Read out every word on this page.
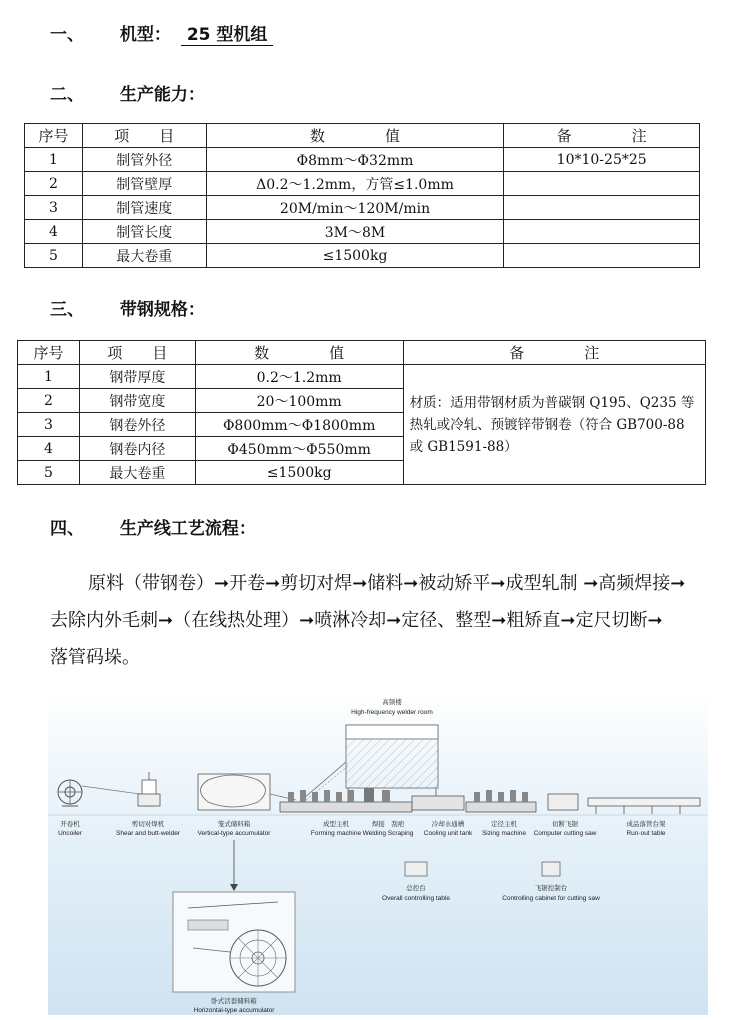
一、 机型： 25 型机组
二、 生产能力：
序号	项　　目	数　　　　值	备　　　　注
1	制管外径	Φ8mm～Φ32mm	10*10-25*25
2	制管壁厚	Δ0.2～1.2mm，方管≤1.0mm	
3	制管速度	20M/min～120M/min	
4	制管长度	3M～8M	
5	最大卷重	≤1500kg	
三、 带钢规格：
序号	项　　目	数　　　　值	备　　　　注
1	钢带厚度	0.2～1.2mm	材质：适用带钢材质为普碳钢 Q195、Q235 等热轧或冷轧、预镀锌带钢卷（符合 GB700-88 或 GB1591-88）
2	钢带宽度	20～100mm	
3	钢卷外径	Φ800mm～Φ1800mm	
4	钢卷内径	Φ450mm～Φ550mm	
5	最大卷重	≤1500kg	
四、 生产线工艺流程：
原料（带钢卷）➞开卷➞剪切对焊➞储料➞被动矫平➞成型轧制 ➞高频焊接➞去除内外毛刺➞（在线热处理）➞喷淋冷却➞定径、整型➞粗矫直➞定尺切断➞落管码垛。
高频楼
High-frequency welder room
开卷机
Uncoiler
剪切对焊机
Shear and butt-welder
笼式储料箱
Vertical-type accumulator
成型主机
Forming machine
焊接　刮疤
Welding Scraping
冷却水通槽
Cooling unit tank
定径主机
Sizing machine
切断飞锯
Computer cutting saw
成品落管台架
Run-out table
总控台
Overall controlling table
飞锯控制台
Controlling cabinet for cutting saw
卧式活套储料箱
Horizontal-type accumulator
